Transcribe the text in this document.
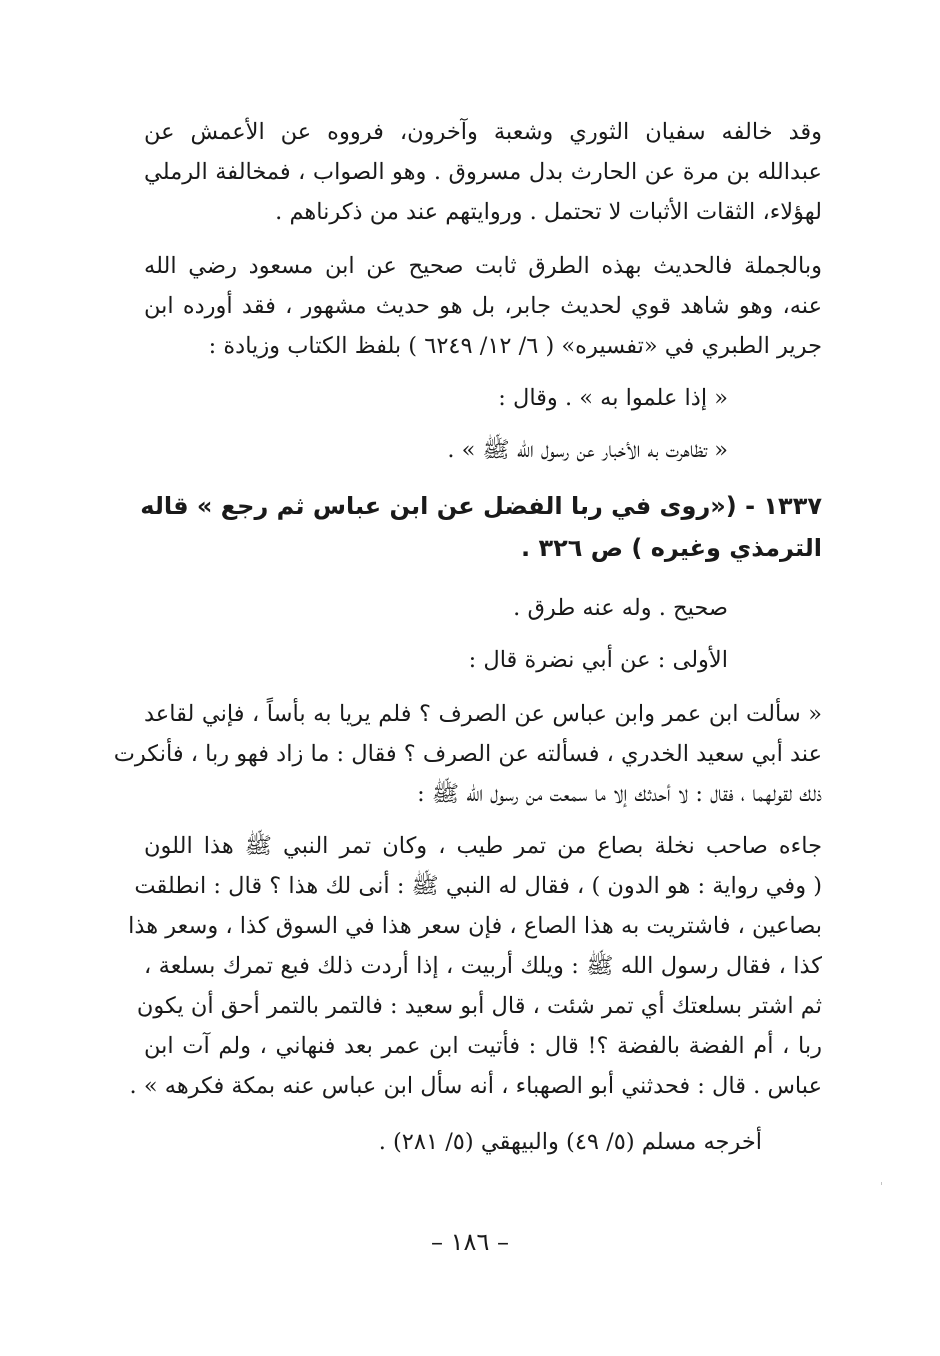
وقد خالفه سفيان الثوري وشعبة وآخرون، فرووه عن الأعمش عن
عبدالله بن مرة عن الحارث بدل مسروق . وهو الصواب ، فمخالفة الرملي
لهؤلاء، الثقات الأثبات لا تحتمل . وروايتهم عند من ذكرناهم .
وبالجملة فالحديث بهذه الطرق ثابت صحيح عن ابن مسعود رضي الله
عنه، وهو شاهد قوي لحديث جابر، بل هو حديث مشهور ، فقد أورده ابن
جرير الطبري في «تفسيره» ( ٦/ ١٢/ ٦٢٤٩ ) بلفظ الكتاب وزيادة :
« إذا علموا به » . وقال :
« تظاهرت به الأخبار عن رسول الله ﷺ » .
١٣٣٧ - («روى في ربا الفضل عن ابن عباس ثم رجع » قاله
الترمذي وغيره ) ص ٣٢٦ .
صحيح . وله عنه طرق .
الأولى : عن أبي نضرة قال :
« سألت ابن عمر وابن عباس عن الصرف ؟ فلم يريا به بأساً ، فإني لقاعد
عند أبي سعيد الخدري ، فسألته عن الصرف ؟ فقال : ما زاد فهو ربا ، فأنكرت
ذلك لقولهما ، فقال : لا أحدثك إلا ما سمعت من رسول الله ﷺ :
جاءه صاحب نخلة بصاع من تمر طيب ، وكان تمر النبي ﷺ هذا اللون
( وفي رواية : هو الدون ) ، فقال له النبي ﷺ : أنى لك هذا ؟ قال : انطلقت
بصاعين ، فاشتريت به هذا الصاع ، فإن سعر هذا في السوق كذا ، وسعر هذا
كذا ، فقال رسول الله ﷺ : ويلك أربيت ، إذا أردت ذلك فبع تمرك بسلعة ،
ثم اشتر بسلعتك أي تمر شئت ، قال أبو سعيد : فالتمر بالتمر أحق أن يكون
ربا ، أم الفضة بالفضة ؟! قال : فأتيت ابن عمر بعد فنهاني ، ولم آت ابن
عباس . قال : فحدثني أبو الصهباء ، أنه سأل ابن عباس عنه بمكة فكرهه » .
أخرجه مسلم (٥/ ٤٩) والبيهقي (٥/ ٢٨١) .
– ١٨٦ –
'
